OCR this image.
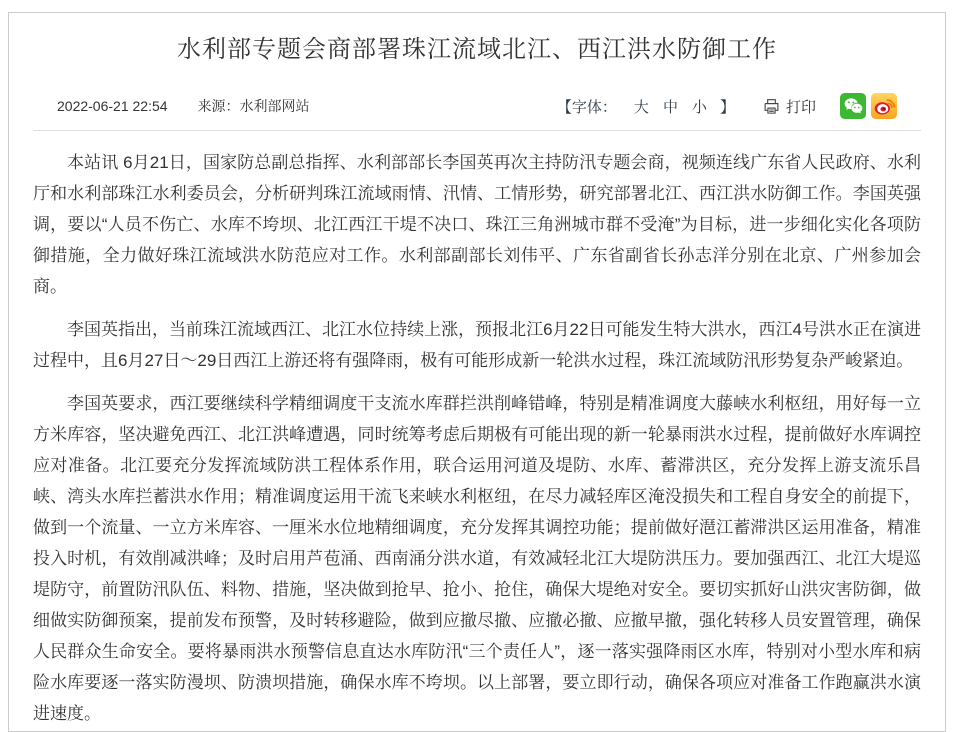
水利部专题会商部署珠江流域北江、西江洪水防御工作
2022-06-21 22:54 来源：水利部网站	【字体： 大 中 小 】	打印

本站讯 6月21日，国家防总副总指挥、水利部部长李国英再次主持防汛专题会商，视频连线广东省人民政府、水利厅和水利部珠江水利委员会，分析研判珠江流域雨情、汛情、工情形势，研究部署北江、西江洪水防御工作。李国英强调，要以“人员不伤亡、水库不垮坝、北江西江干堤不决口、珠江三角洲城市群不受淹”为目标，进一步细化实化各项防御措施，全力做好珠江流域洪水防范应对工作。水利部副部长刘伟平、广东省副省长孙志洋分别在北京、广州参加会商。

李国英指出，当前珠江流域西江、北江水位持续上涨，预报北江6月22日可能发生特大洪水，西江4号洪水正在演进过程中，且6月27日～29日西江上游还将有强降雨，极有可能形成新一轮洪水过程，珠江流域防汛形势复杂严峻紧迫。

李国英要求，西江要继续科学精细调度干支流水库群拦洪削峰错峰，特别是精准调度大藤峡水利枢纽，用好每一立方米库容，坚决避免西江、北江洪峰遭遇，同时统筹考虑后期极有可能出现的新一轮暴雨洪水过程，提前做好水库调控应对准备。北江要充分发挥流域防洪工程体系作用，联合运用河道及堤防、水库、蓄滞洪区，充分发挥上游支流乐昌峡、湾头水库拦蓄洪水作用；精准调度运用干流飞来峡水利枢纽，在尽力减轻库区淹没损失和工程自身安全的前提下，做到一个流量、一立方米库容、一厘米水位地精细调度，充分发挥其调控功能；提前做好潖江蓄滞洪区运用准备，精准投入时机，有效削减洪峰；及时启用芦苞涌、西南涌分洪水道，有效减轻北江大堤防洪压力。要加强西江、北江大堤巡堤防守，前置防汛队伍、料物、措施，坚决做到抢早、抢小、抢住，确保大堤绝对安全。要切实抓好山洪灾害防御，做细做实防御预案，提前发布预警，及时转移避险，做到应撤尽撤、应撤必撤、应撤早撤，强化转移人员安置管理，确保人民群众生命安全。要将暴雨洪水预警信息直达水库防汛“三个责任人”，逐一落实强降雨区水库，特别对小型水库和病险水库要逐一落实防漫坝、防溃坝措施，确保水库不垮坝。以上部署，要立即行动，确保各项应对准备工作跑赢洪水演进速度。
